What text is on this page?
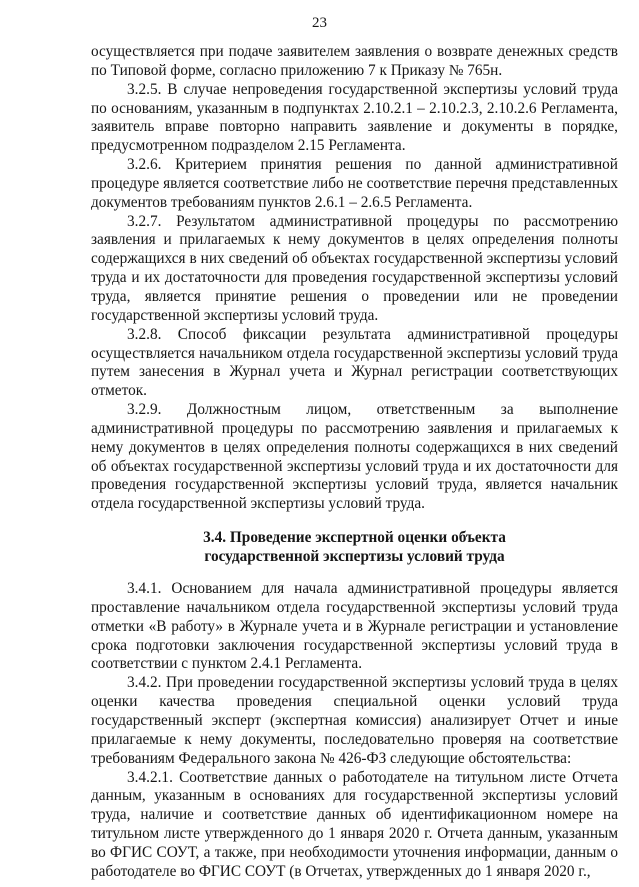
23

осуществляется при подаче заявителем заявления о возврате денежных средств по Типовой форме, согласно приложению 7 к Приказу № 765н.

3.2.5. В случае непроведения государственной экспертизы условий труда по основаниям, указанным в подпунктах 2.10.2.1 – 2.10.2.3, 2.10.2.6 Регламента, заявитель вправе повторно направить заявление и документы в порядке, предусмотренном подразделом 2.15 Регламента.

3.2.6. Критерием принятия решения по данной административной процедуре является соответствие либо не соответствие перечня представленных документов требованиям пунктов 2.6.1 – 2.6.5 Регламента.

3.2.7. Результатом административной процедуры по рассмотрению заявления и прилагаемых к нему документов в целях определения полноты содержащихся в них сведений об объектах государственной экспертизы условий труда и их достаточности для проведения государственной экспертизы условий труда, является принятие решения о проведении или не проведении государственной экспертизы условий труда.

3.2.8. Способ фиксации результата административной процедуры осуществляется начальником отдела государственной экспертизы условий труда путем занесения в Журнал учета и Журнал регистрации соответствующих отметок.

3.2.9. Должностным лицом, ответственным за выполнение административной процедуры по рассмотрению заявления и прилагаемых к нему документов в целях определения полноты содержащихся в них сведений об объектах государственной экспертизы условий труда и их достаточности для проведения государственной экспертизы условий труда, является начальник отдела государственной экспертизы условий труда.

3.4. Проведение экспертной оценки объекта
государственной экспертизы условий труда

3.4.1. Основанием для начала административной процедуры является проставление начальником отдела государственной экспертизы условий труда отметки «В работу» в Журнале учета и в Журнале регистрации и установление срока подготовки заключения государственной экспертизы условий труда в соответствии с пунктом 2.4.1 Регламента.

3.4.2. При проведении государственной экспертизы условий труда в целях оценки качества проведения специальной оценки условий труда государственный эксперт (экспертная комиссия) анализирует Отчет и иные прилагаемые к нему документы, последовательно проверяя на соответствие требованиям Федерального закона № 426-ФЗ следующие обстоятельства:

3.4.2.1. Соответствие данных о работодателе на титульном листе Отчета данным, указанным в основаниях для государственной экспертизы условий труда, наличие и соответствие данных об идентификационном номере на титульном листе утвержденного до 1 января 2020 г. Отчета данным, указанным во ФГИС СОУТ, а также, при необходимости уточнения информации, данным о работодателе во ФГИС СОУТ (в Отчетах, утвержденных до 1 января 2020 г.,
